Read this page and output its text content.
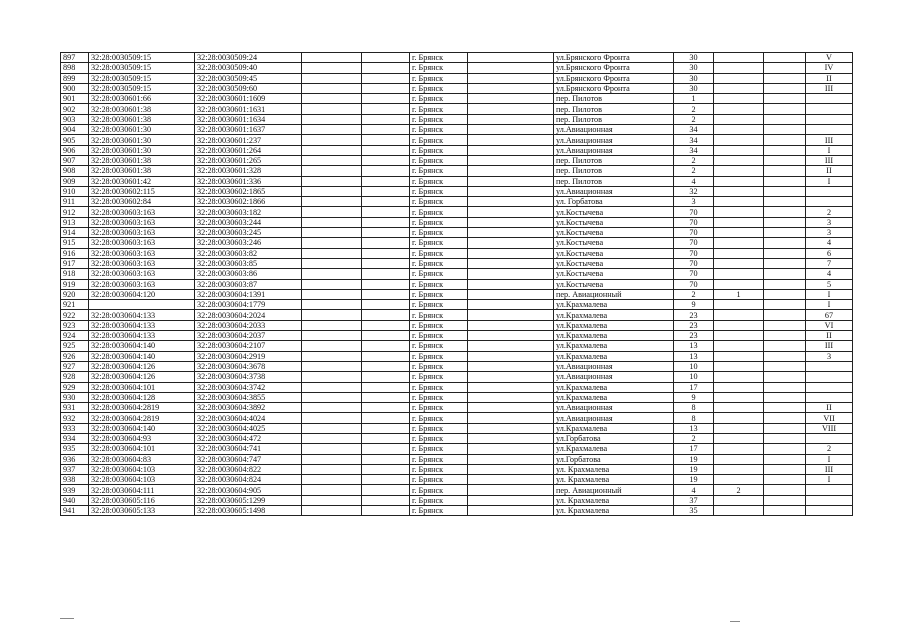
897	32:28:0030509:15	32:28:0030509:24			г. Брянск		ул.Брянского Фронта	30			V
898	32:28:0030509:15	32:28:0030509:40			г. Брянск		ул.Брянского Фронта	30			IV
899	32:28:0030509:15	32:28:0030509:45			г. Брянск		ул.Брянского Фронта	30			II
900	32:28:0030509:15	32:28:0030509:60			г. Брянск		ул.Брянского Фронта	30			III
901	32:28:0030601:66	32:28:0030601:1609			г. Брянск		пер. Пилотов	1			
902	32:28:0030601:38	32:28:0030601:1631			г. Брянск		пер. Пилотов	2			
903	32:28:0030601:38	32:28:0030601:1634			г. Брянск		пер. Пилотов	2			
904	32:28:0030601:30	32:28:0030601:1637			г. Брянск		ул.Авиационная	34			
905	32:28:0030601:30	32:28:0030601:237			г. Брянск		ул.Авиационная	34			III
906	32:28:0030601:30	32:28:0030601:264			г. Брянск		ул.Авиационная	34			I
907	32:28:0030601:38	32:28:0030601:265			г. Брянск		пер. Пилотов	2			III
908	32:28:0030601:38	32:28:0030601:328			г. Брянск		пер. Пилотов	2			II
909	32:28:0030601:42	32:28:0030601:336			г. Брянск		пер. Пилотов	4			I
910	32:28:0030602:115	32:28:0030602:1865			г. Брянск		ул.Авиационная	32			
911	32:28:0030602:84	32:28:0030602:1866			г. Брянск		ул. Горбатова	3			
912	32:28:0030603:163	32:28:0030603:182			г. Брянск		ул.Костычева	70			2
913	32:28:0030603:163	32:28:0030603:244			г. Брянск		ул.Костычева	70			3
914	32:28:0030603:163	32:28:0030603:245			г. Брянск		ул.Костычева	70			3
915	32:28:0030603:163	32:28:0030603:246			г. Брянск		ул.Костычева	70			4
916	32:28:0030603:163	32:28:0030603:82			г. Брянск		ул.Костычева	70			6
917	32:28:0030603:163	32:28:0030603:85			г. Брянск		ул.Костычева	70			7
918	32:28:0030603:163	32:28:0030603:86			г. Брянск		ул.Костычева	70			4
919	32:28:0030603:163	32:28:0030603:87			г. Брянск		ул.Костычева	70			5
920	32:28:0030604:120	32:28:0030604:1391			г. Брянск		пер. Авиационный	2	1		I
921		32:28:0030604:1779			г. Брянск		ул.Крахмалева	9			I
922	32:28:0030604:133	32:28:0030604:2024			г. Брянск		ул.Крахмалева	23			67
923	32:28:0030604:133	32:28:0030604:2033			г. Брянск		ул.Крахмалева	23			VI
924	32:28:0030604:133	32:28:0030604:2037			г. Брянск		ул.Крахмалева	23			II
925	32:28:0030604:140	32:28:0030604:2107			г. Брянск		ул.Крахмалева	13			III
926	32:28:0030604:140	32:28:0030604:2919			г. Брянск		ул.Крахмалева	13			3
927	32:28:0030604:126	32:28:0030604:3678			г. Брянск		ул.Авиационная	10			
928	32:28:0030604:126	32:28:0030604:3738			г. Брянск		ул.Авиационная	10			
929	32:28:0030604:101	32:28:0030604:3742			г. Брянск		ул.Крахмалева	17			
930	32:28:0030604:128	32:28:0030604:3855			г. Брянск		ул.Крахмалева	9			
931	32:28:0030604:2819	32:28:0030604:3892			г. Брянск		ул.Авиационная	8			II
932	32:28:0030604:2819	32:28:0030604:4024			г. Брянск		ул.Авиационная	8			VII
933	32:28:0030604:140	32:28:0030604:4025			г. Брянск		ул.Крахмалева	13			VIII
934	32:28:0030604:93	32:28:0030604:472			г. Брянск		ул.Горбатова	2			
935	32:28:0030604:101	32:28:0030604:741			г. Брянск		ул.Крахмалева	17			2
936	32:28:0030604:83	32:28:0030604:747			г. Брянск		ул.Горбатова	19			I
937	32:28:0030604:103	32:28:0030604:822			г. Брянск		ул. Крахмалева	19			III
938	32:28:0030604:103	32:28:0030604:824			г. Брянск		ул. Крахмалева	19			I
939	32:28:0030604:111	32:28:0030604:905			г. Брянск		пер. Авиационный	4	2		
940	32:28:0030605:116	32:28:0030605:1299			г. Брянск		ул. Крахмалева	37			
941	32:28:0030605:133	32:28:0030605:1498			г. Брянск		ул. Крахмалева	35			
